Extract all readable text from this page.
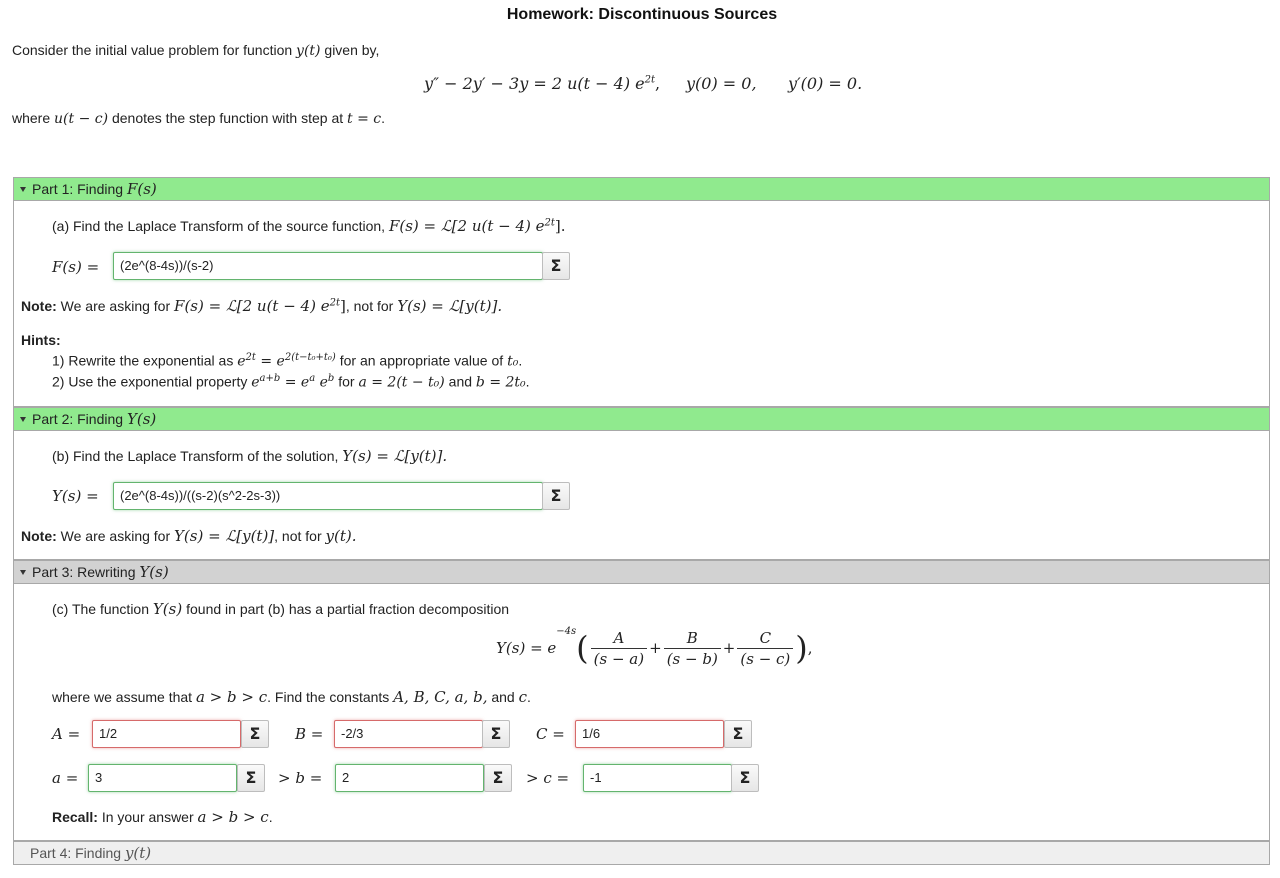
Homework: Discontinuous Sources
Consider the initial value problem for function y(t) given by,
y″ − 2y′ − 3y = 2 u(t − 4) $e^{2t}$, y(0) = 0, y′(0) = 0.
where u(t − c) denotes the step function with step at t = c.
Part 1: Finding F(s)
(a) Find the Laplace Transform of the source function, F(s) = ℒ[2 u(t − 4) $e^{2t}$].
F(s) =	(2e^(8-4s))/(s-2)	Σ
Note: We are asking for F(s) = ℒ[2 u(t − 4) $e^{2t}$], not for Y(s) = ℒ[y(t)].
Hints:
1) Rewrite the exponential as $e^{2t} = e^{2(t-t_0+t_0)}$ for an appropriate value of t₀.
2) Use the exponential property $e^{a+b} = e^a$ $e^b$ for a = 2(t − t₀) and b = 2t₀.
Part 2: Finding Y(s)
(b) Find the Laplace Transform of the solution, Y(s) = ℒ[y(t)].
Y(s) =	(2e^(8-4s))/((s-2)(s^2-2s-3))	Σ
Note: We are asking for Y(s) = ℒ[y(t)], not for y(t).
Part 3: Rewriting Y(s)
(c) The function Y(s) found in part (b) has a partial fraction decomposition
$Y(s) = e^{-4s}( \frac{A}{(s - a)} + \frac{B}{(s - b)} + \frac{C}{(s - c)}$ ),
where we assume that a > b > c. Find the constants A, B, C, a, b, and c.
A =	1/2	Σ	B =	-2/3	Σ	C =	1/6	Σ
a =	3	Σ	> b =	2	Σ	> c =	-1	Σ
Recall: In your answer a > b > c.
Part 4: Finding y(t)
